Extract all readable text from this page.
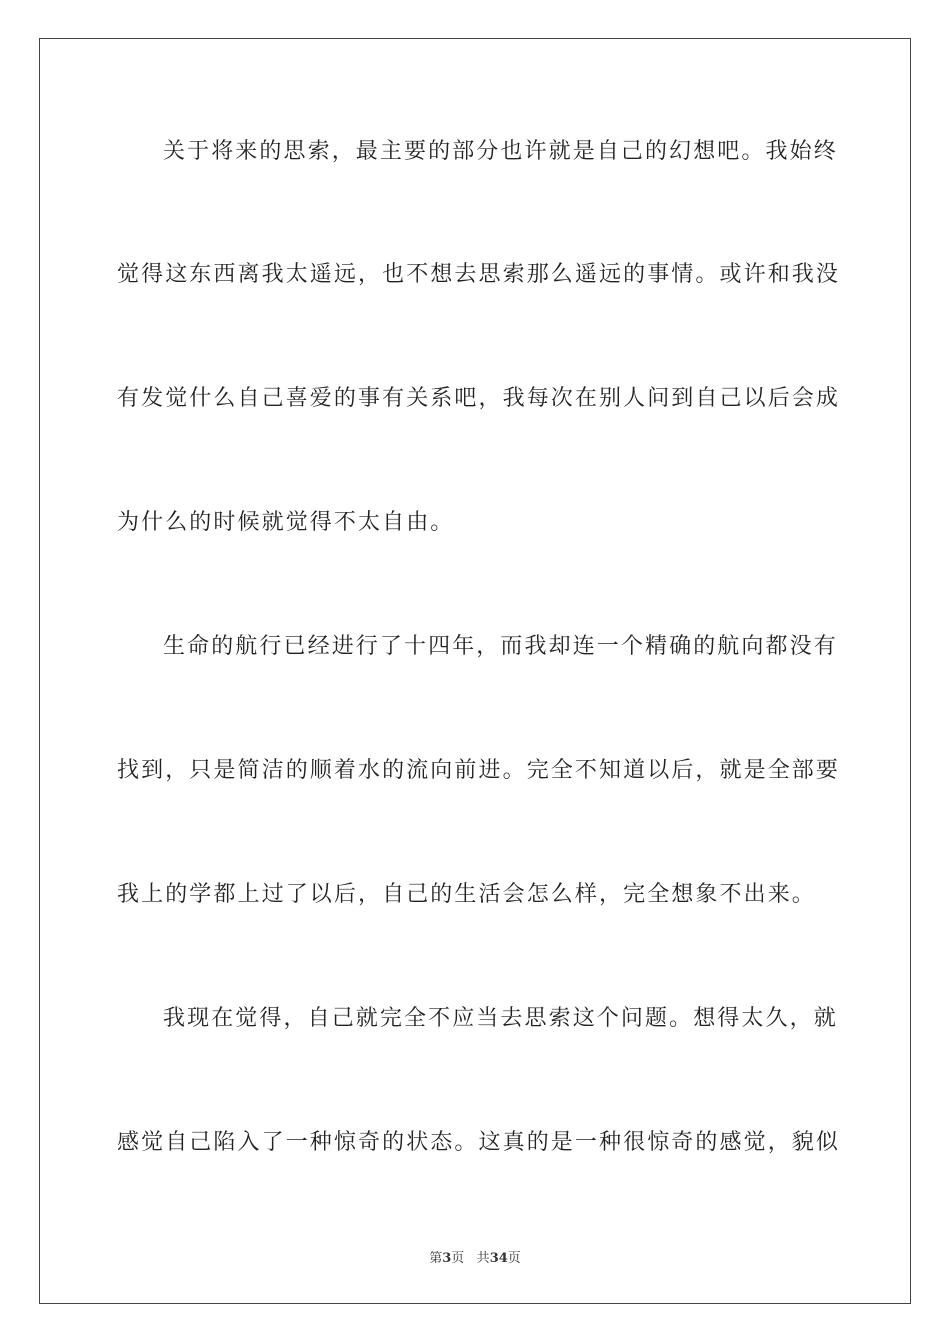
关于将来的思索，最主要的部分也许就是自己的幻想吧。我始终
觉得这东西离我太遥远，也不想去思索那么遥远的事情。或许和我没
有发觉什么自己喜爱的事有关系吧，我每次在别人问到自己以后会成
为什么的时候就觉得不太自由。
生命的航行已经进行了十四年，而我却连一个精确的航向都没有
找到，只是简洁的顺着水的流向前进。完全不知道以后，就是全部要
我上的学都上过了以后，自己的生活会怎么样，完全想象不出来。
我现在觉得，自己就完全不应当去思索这个问题。想得太久，就
感觉自己陷入了一种惊奇的状态。这真的是一种很惊奇的感觉，貌似
第3页 共34页
